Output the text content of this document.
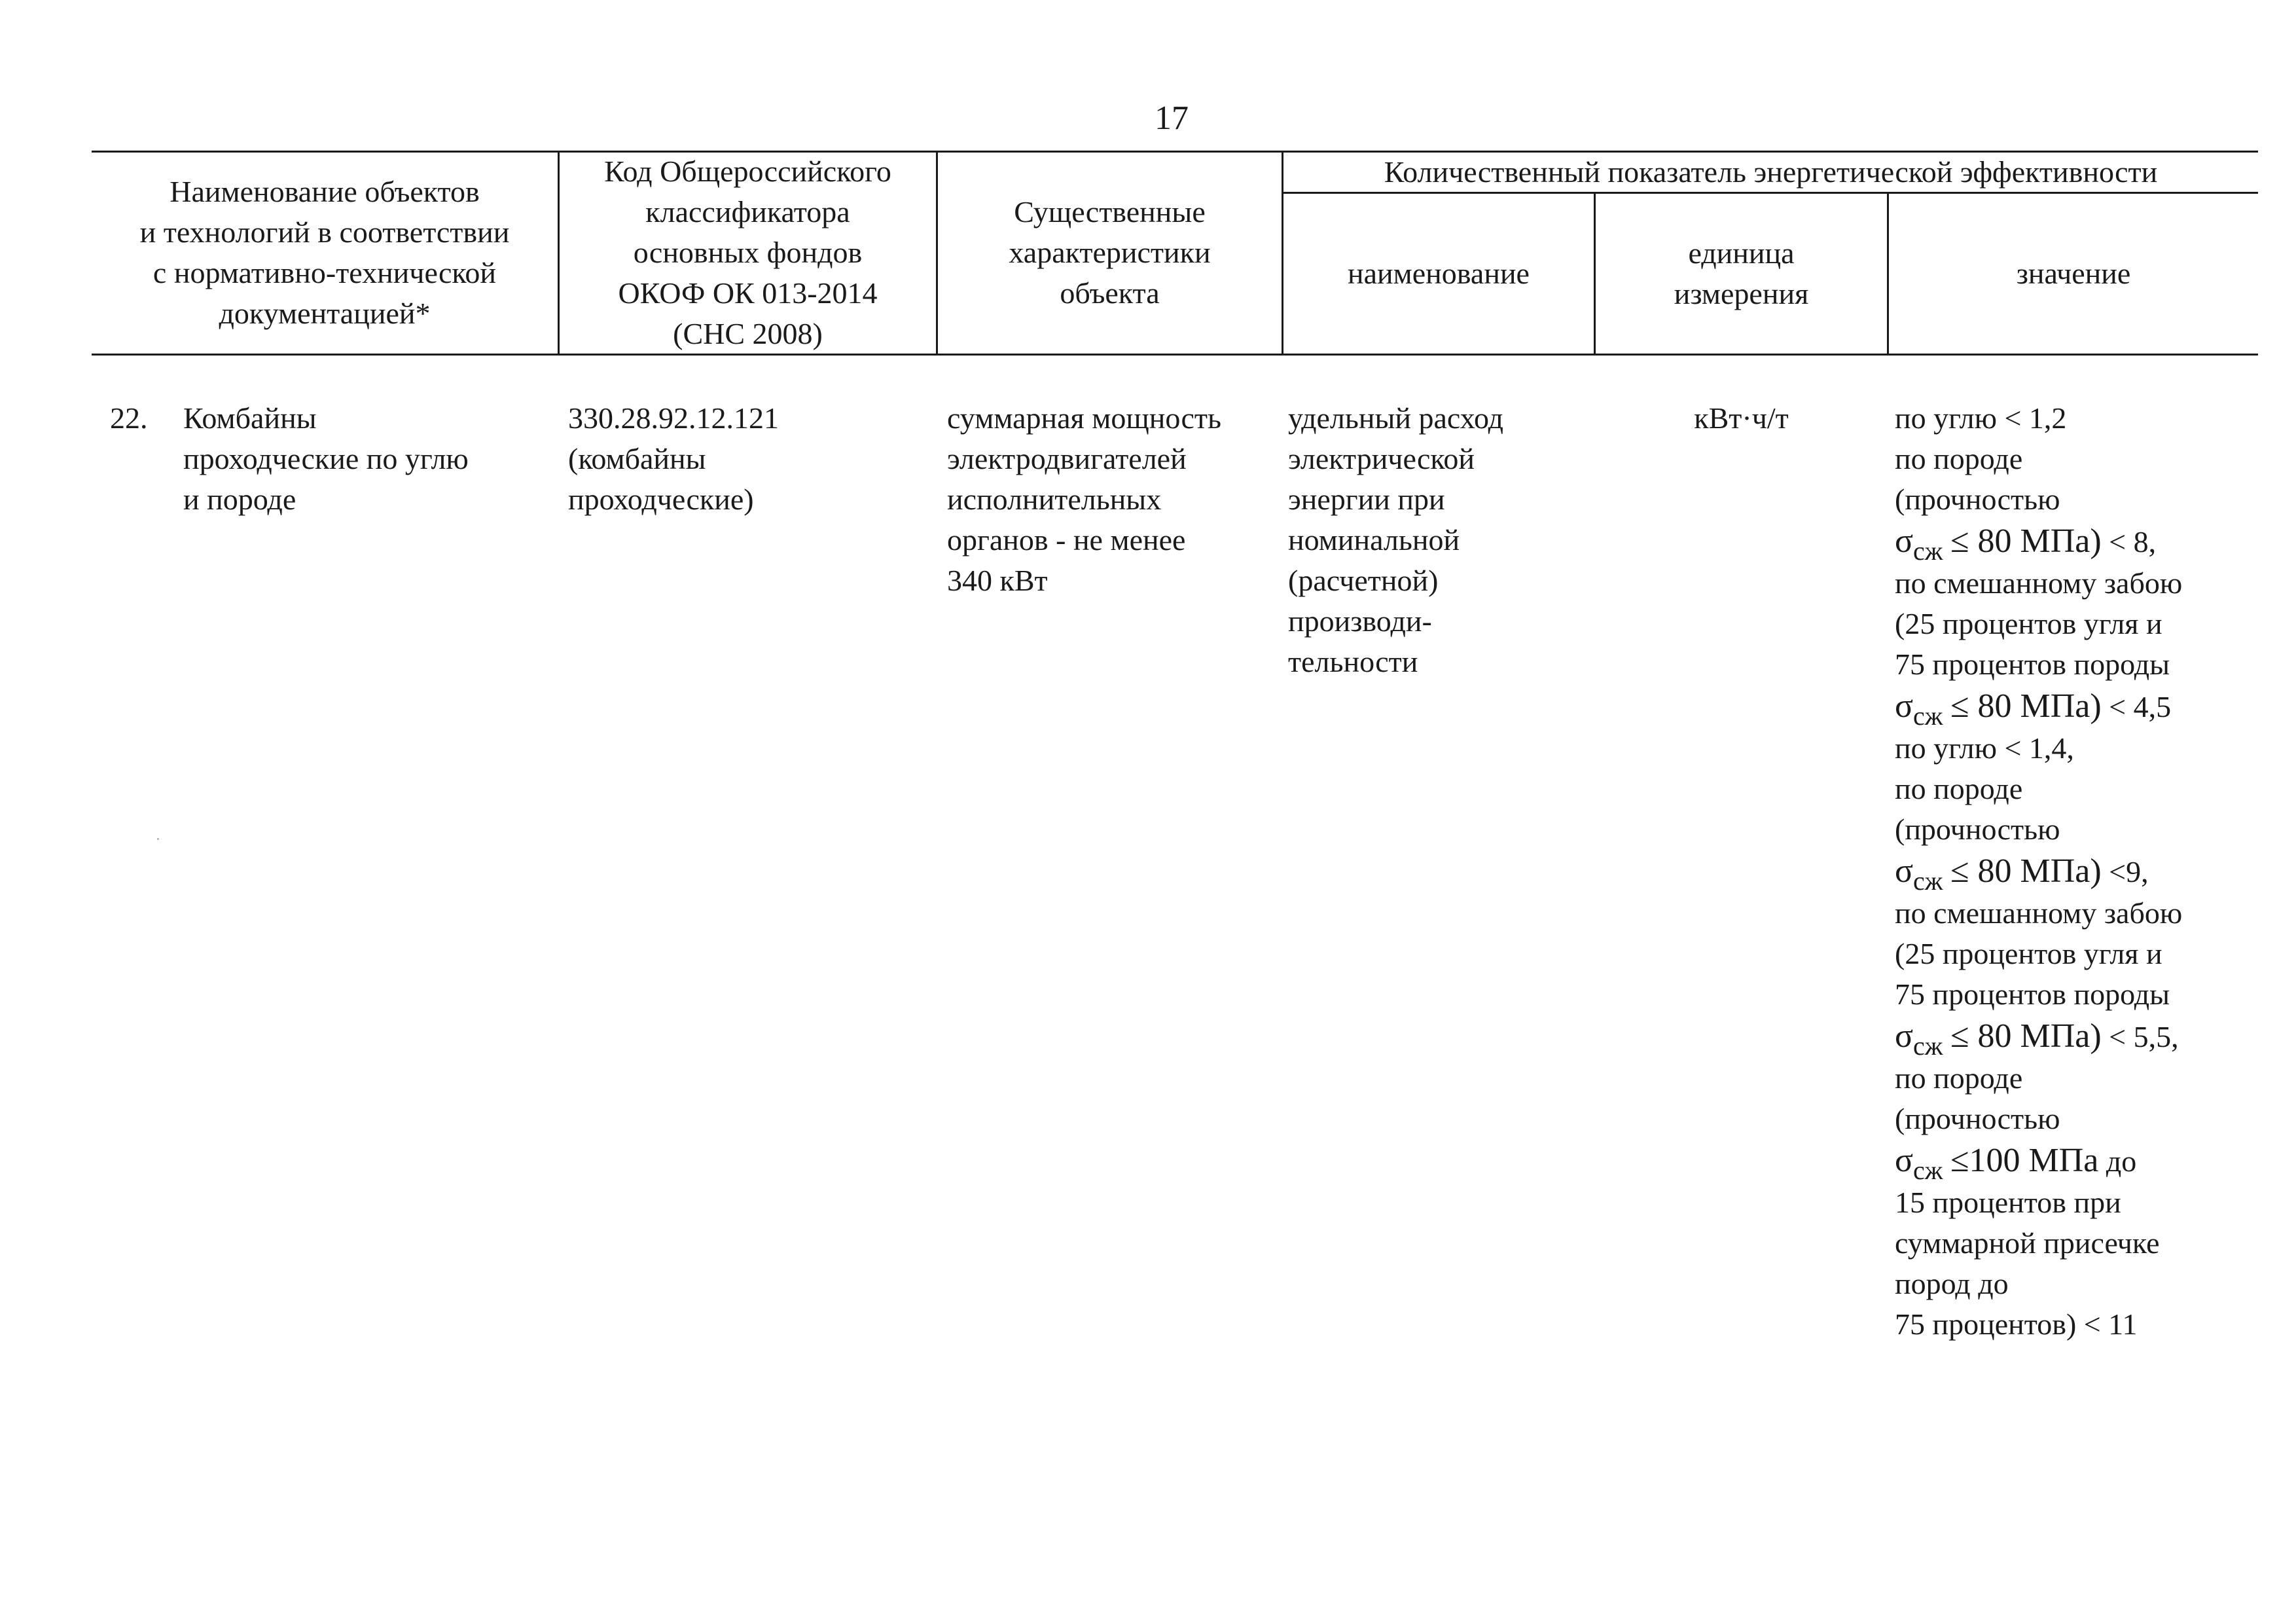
17
Наименование объектов
и технологий в соответствии
с нормативно-технической
документацией*
Код Общероссийского
классификатора
основных фондов
ОКОФ ОК 013-2014
(СНС 2008)
Существенные
характеристики
объекта
Количественный показатель энергетической эффективности
наименование
единица
измерения
значение
22. Комбайны
проходческие по углю
и породе
330.28.92.12.121
(комбайны
проходческие)
суммарная мощность
электродвигателей
исполнительных
органов - не менее
340 кВт
удельный расход
электрической
энергии при
номинальной
(расчетной)
производи-
тельности
кВт·ч/т	по углю < 1,2
по породе
(прочностью
σсж ≤ 80 МПа) < 8,
по смешанному забою
(25 процентов угля и
75 процентов породы
σсж ≤ 80 МПа) < 4,5
по углю < 1,4,
по породе
(прочностью
σсж ≤ 80 МПа) <9,
по смешанному забою
(25 процентов угля и
75 процентов породы
σсж ≤ 80 МПа) < 5,5,
по породе
(прочностью
σсж ≤100 МПа до
15 процентов при
суммарной присечке
пород до
75 процентов) < 11
